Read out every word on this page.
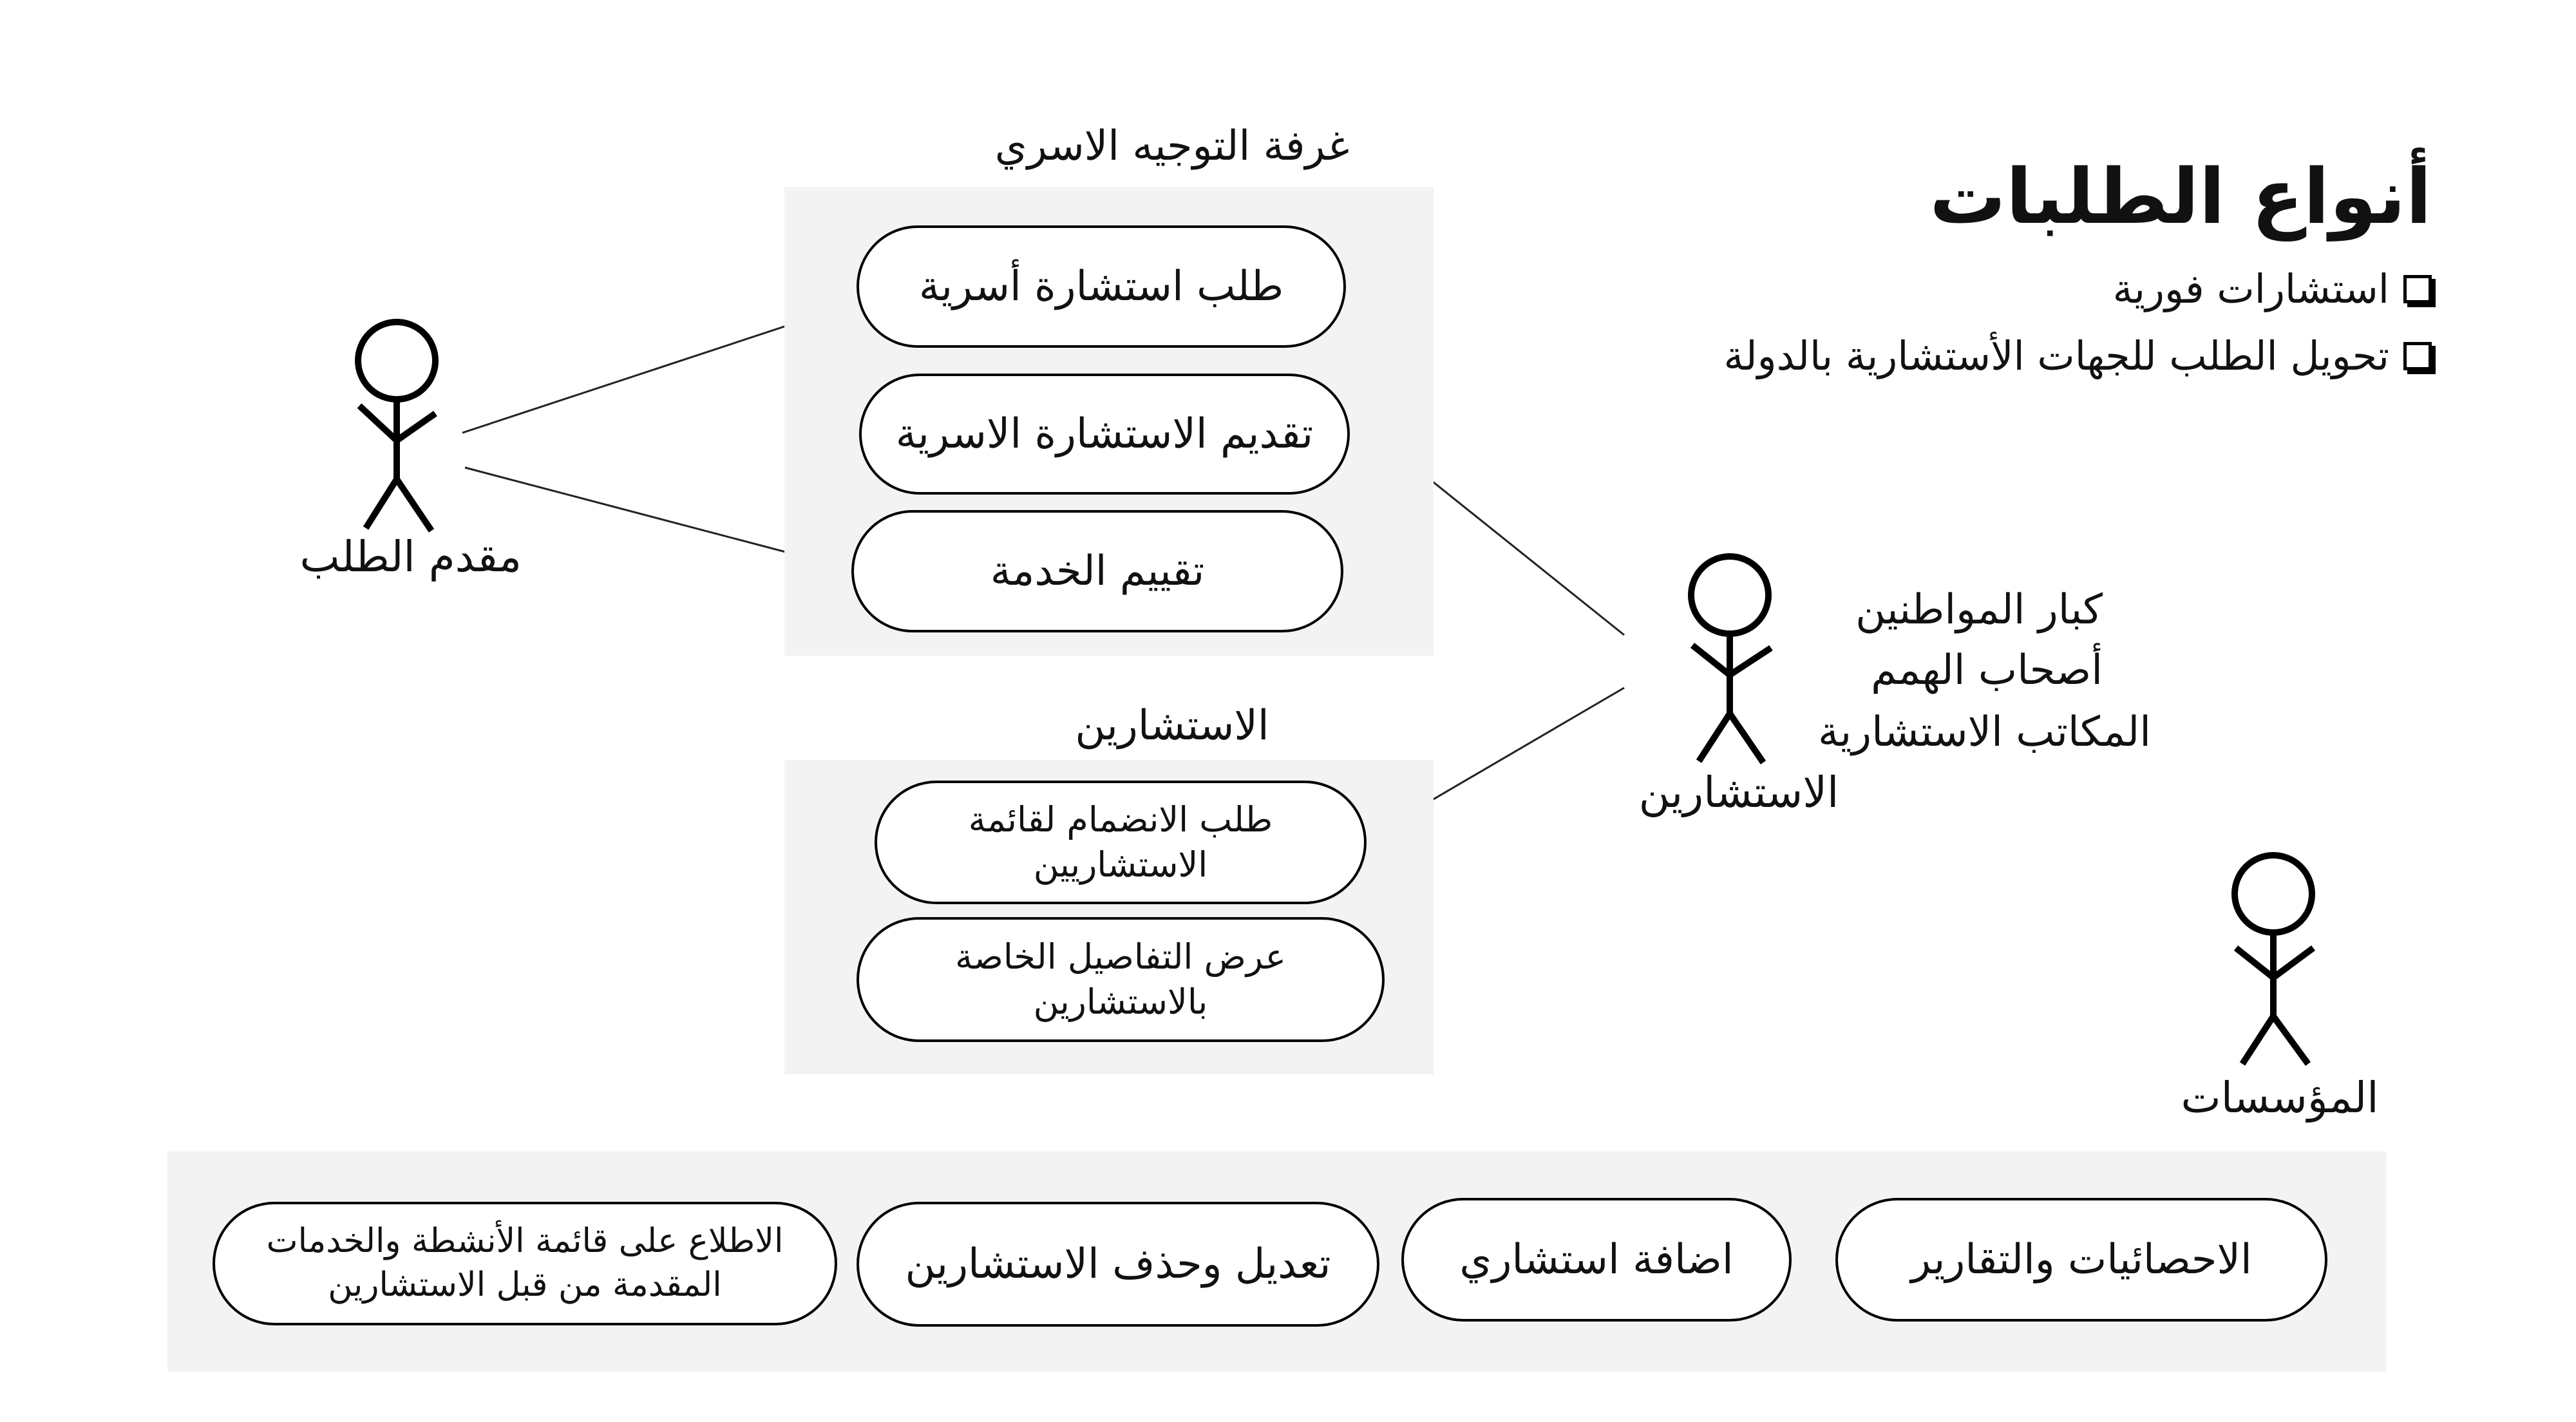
أنواع الطلبات
استشارات فورية
تحويل الطلب للجهات الأستشارية بالدولة
غرفة التوجيه الاسري
طلب استشارة أسرية
تقديم الاستشارة الاسرية
تقييم الخدمة
الاستشارين
طلب الانضمام لقائمة
الاستشاريين
عرض التفاصيل الخاصة
بالاستشارين
الاحصائيات والتقارير
اضافة استشاري
تعديل وحذف الاستشارين
الاطلاع على قائمة الأنشطة والخدمات
المقدمة من قبل الاستشارين
مقدم الطلب
الاستشارين
كبار المواطنين
أصحاب الهمم
المكاتب الاستشارية
المؤسسات
